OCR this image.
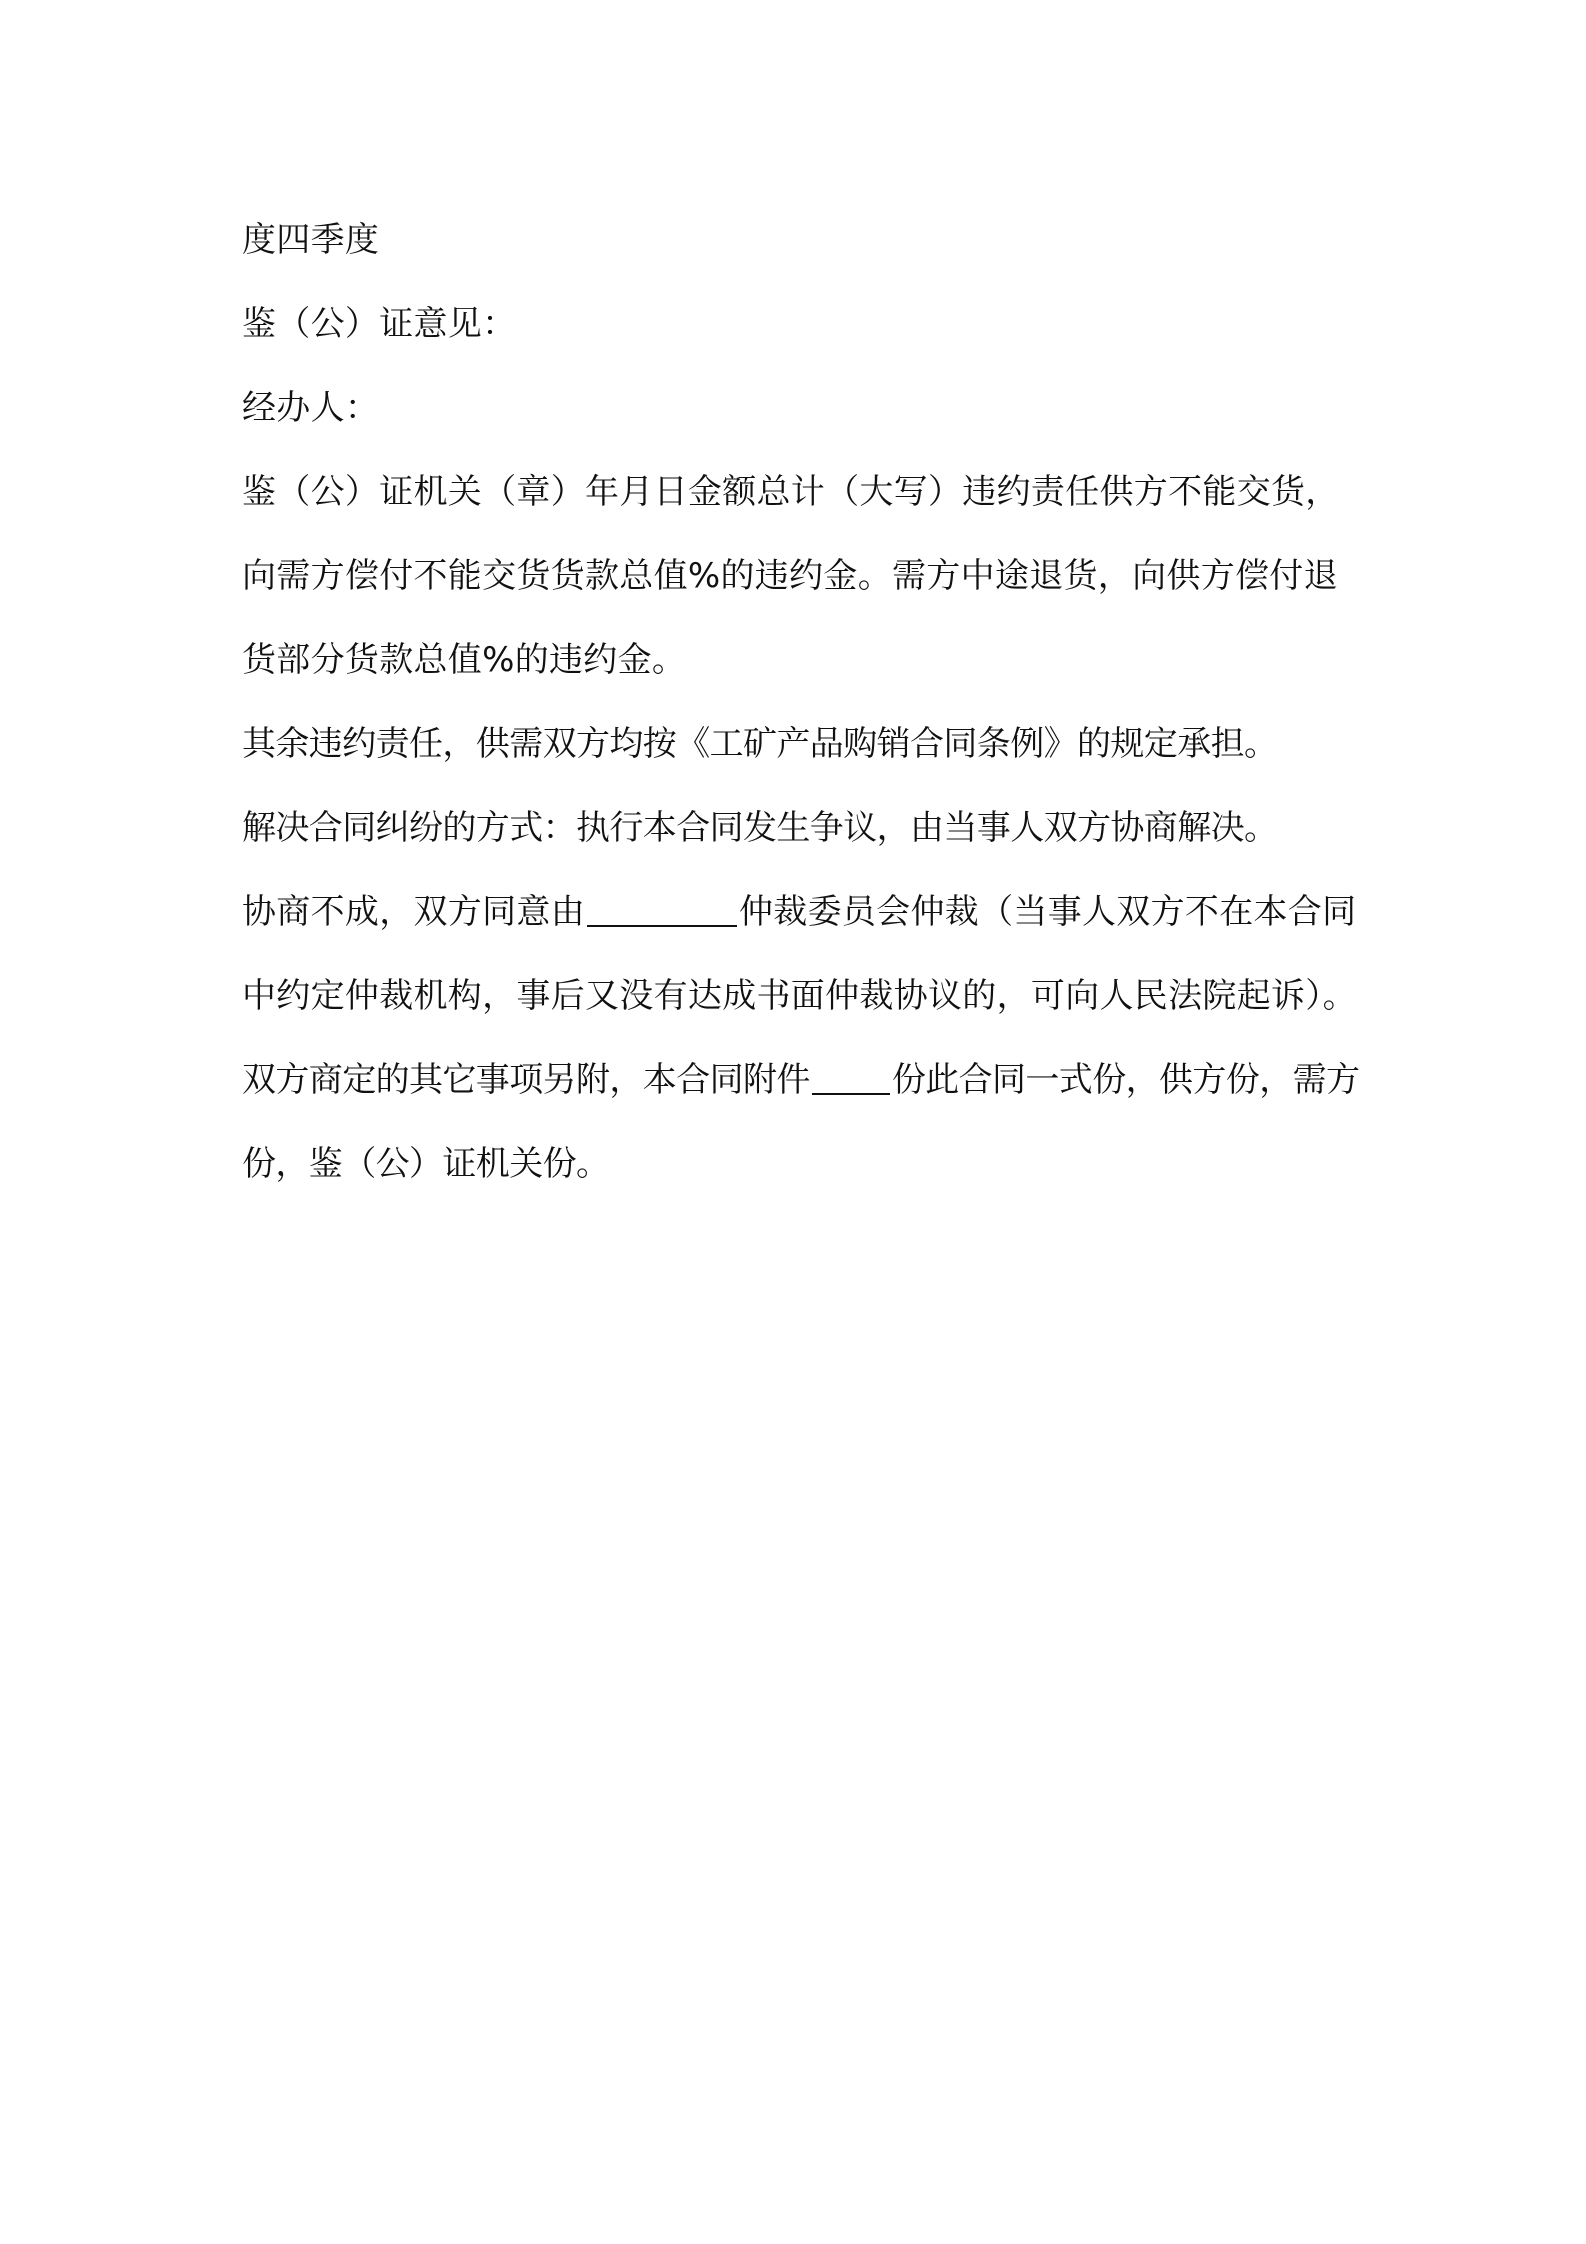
度四季度

鉴（公）证意见：

经办人：

鉴（公）证机关（章）年月日金额总计（大写）违约责任供方不能交货，向需方偿付不能交货货款总值%的违约金。需方中途退货，向供方偿付退货部分货款总值%的违约金。

其余违约责任，供需双方均按《工矿产品购销合同条例》的规定承担。

解决合同纠纷的方式：执行本合同发生争议，由当事人双方协商解决。

协商不成，双方同意由	仲裁委员会仲裁（当事人双方不在本合同中约定仲裁机构，事后又没有达成书面仲裁协议的，可向人民法院起诉）。

双方商定的其它事项另附，本合同附件 份此合同一式份，供方份，需方份，鉴（公）证机关份。
